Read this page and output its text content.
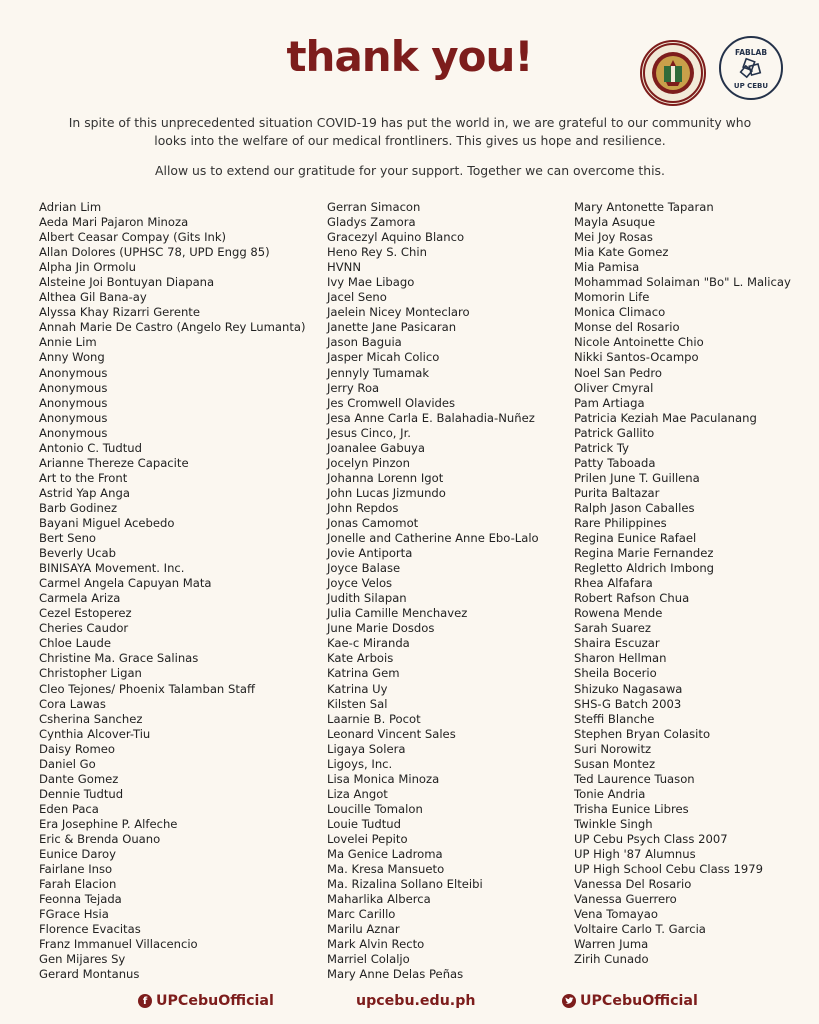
thank you!	FABLAB
UP CEBU
In spite of this unprecedented situation COVID-19 has put the world in, we are grateful to our community who looks into the welfare of our medical frontliners. This gives us hope and resilience.
Allow us to extend our gratitude for your support. Together we can overcome this.
Adrian Lim
Aeda Mari Pajaron Minoza
Albert Ceasar Compay (Gits Ink)
Allan Dolores (UPHSC 78, UPD Engg 85)
Alpha Jin Ormolu
Alsteine Joi Bontuyan Diapana
Althea Gil Bana-ay
Alyssa Khay Rizarri Gerente
Annah Marie De Castro (Angelo Rey Lumanta)
Annie Lim
Anny Wong
Anonymous
Anonymous
Anonymous
Anonymous
Anonymous
Antonio C. Tudtud
Arianne Thereze Capacite
Art to the Front
Astrid Yap Anga
Barb Godinez
Bayani Miguel Acebedo
Bert Seno
Beverly Ucab
BINISAYA Movement. Inc.
Carmel Angela Capuyan Mata
Carmela Ariza
Cezel Estoperez
Cheries Caudor
Chloe Laude
Christine Ma. Grace Salinas
Christopher Ligan
Cleo Tejones/ Phoenix Talamban Staff
Cora Lawas
Csherina Sanchez
Cynthia Alcover-Tiu
Daisy Romeo
Daniel Go
Dante Gomez
Dennie Tudtud
Eden Paca
Era Josephine P. Alfeche
Eric & Brenda Ouano
Eunice Daroy
Fairlane Inso
Farah Elacion
Feonna Tejada
FGrace Hsia
Florence Evacitas
Franz Immanuel Villacencio
Gen Mijares Sy
Gerard Montanus
Gerran Simacon
Gladys Zamora
Gracezyl Aquino Blanco
Heno Rey S. Chin
HVNN
Ivy Mae Libago
Jacel Seno
Jaelein Nicey Monteclaro
Janette Jane Pasicaran
Jason Baguia
Jasper Micah Colico
Jennyly Tumamak
Jerry Roa
Jes Cromwell Olavides
Jesa Anne Carla E. Balahadia-Nuñez
Jesus Cinco, Jr.
Joanalee Gabuya
Jocelyn Pinzon
Johanna Lorenn Igot
John Lucas Jizmundo
John Repdos
Jonas Camomot
Jonelle and Catherine Anne Ebo-Lalo
Jovie Antiporta
Joyce Balase
Joyce Velos
Judith Silapan
Julia Camille Menchavez
June Marie Dosdos
Kae-c Miranda
Kate Arbois
Katrina Gem
Katrina Uy
Kilsten Sal
Laarnie B. Pocot
Leonard Vincent Sales
Ligaya Solera
Ligoys, Inc.
Lisa Monica Minoza
Liza Angot
Loucille Tomalon
Louie Tudtud
Lovelei Pepito
Ma Genice Ladroma
Ma. Kresa Mansueto
Ma. Rizalina Sollano Elteibi
Maharlika Alberca
Marc Carillo
Marilu Aznar
Mark Alvin Recto
Marriel Colaljo
Mary Anne Delas Peñas
Mary Antonette Taparan
Mayla Asuque
Mei Joy Rosas
Mia Kate Gomez
Mia Pamisa
Mohammad Solaiman "Bo" L. Malicay
Momorin Life
Monica Climaco
Monse del Rosario
Nicole Antoinette Chio
Nikki Santos-Ocampo
Noel San Pedro
Oliver Cmyral
Pam Artiaga
Patricia Keziah Mae Paculanang
Patrick Gallito
Patrick Ty
Patty Taboada
Prilen June T. Guillena
Purita Baltazar
Ralph Jason Caballes
Rare Philippines
Regina Eunice Rafael
Regina Marie Fernandez
Regletto Aldrich Imbong
Rhea Alfafara
Robert Rafson Chua
Rowena Mende
Sarah Suarez
Shaira Escuzar
Sharon Hellman
Sheila Bocerio
Shizuko Nagasawa
SHS-G Batch 2003
Steffi Blanche
Stephen Bryan Colasito
Suri Norowitz
Susan Montez
Ted Laurence Tuason
Tonie Andria
Trisha Eunice Libres
Twinkle Singh
UP Cebu Psych Class 2007
UP High '87 Alumnus
UP High School Cebu Class 1979
Vanessa Del Rosario
Vanessa Guerrero
Vena Tomayao
Voltaire Carlo T. Garcia
Warren Juma
Zirih Cunado
f UPCebuOfficial	upcebu.edu.ph	UPCebuOfficial
